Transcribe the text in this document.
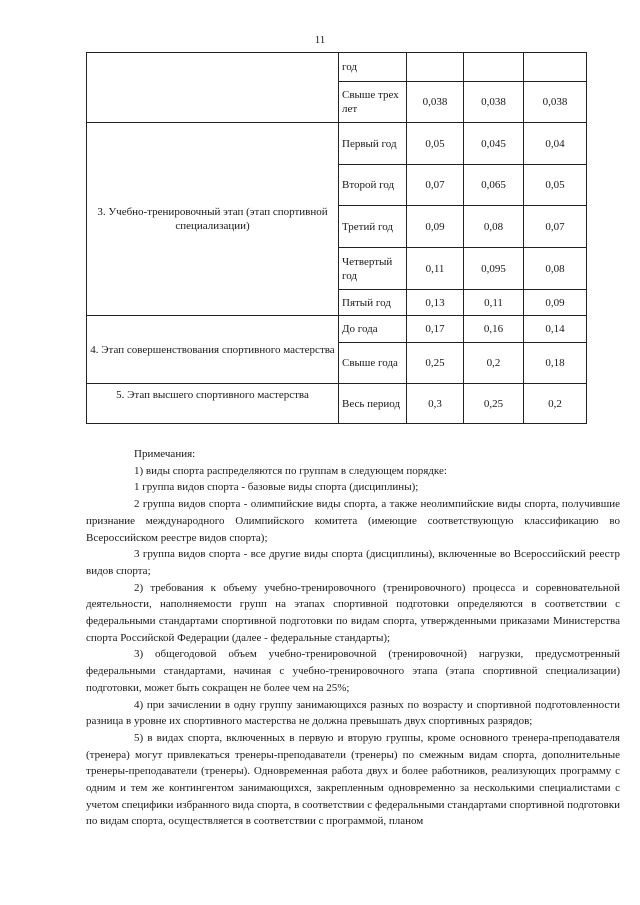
11
	год			
	Свыше трех лет	0,038	0,038	0,038
3. Учебно-тренировочный этап (этап спортивной специализации)	Первый год	0,05	0,045	0,04
	Второй год	0,07	0,065	0,05
	Третий год	0,09	0,08	0,07
	Четвертый год	0,11	0,095	0,08
	Пятый год	0,13	0,11	0,09
4. Этап совершенствования спортивного мастерства	До года	0,17	0,16	0,14
	Свыше года	0,25	0,2	0,18
5. Этап высшего спортивного мастерства	Весь период	0,3	0,25	0,2

Примечания:

1) виды спорта распределяются по группам в следующем порядке:

1 группа видов спорта - базовые виды спорта (дисциплины);

2 группа видов спорта - олимпийские виды спорта, а также неолимпийские виды спорта, получившие признание международного Олимпийского комитета (имеющие соответствующую классификацию во Всероссийском реестре видов спорта);

3 группа видов спорта - все другие виды спорта (дисциплины), включенные во Всероссийский реестр видов спорта;

2) требования к объему учебно-тренировочного (тренировочного) процесса и соревновательной деятельности, наполняемости групп на этапах спортивной подготовки определяются в соответствии с федеральными стандартами спортивной подготовки по видам спорта, утвержденными приказами Министерства спорта Российской Федерации (далее - федеральные стандарты);

3) общегодовой объем учебно-тренировочной (тренировочной) нагрузки, предусмотренный федеральными стандартами, начиная с учебно-тренировочного этапа (этапа спортивной специализации) подготовки, может быть сокращен не более чем на 25%;

4) при зачислении в одну группу занимающихся разных по возрасту и спортивной подготовленности разница в уровне их спортивного мастерства не должна превышать двух спортивных разрядов;

5) в видах спорта, включенных в первую и вторую группы, кроме основного тренера-преподавателя (тренера) могут привлекаться тренеры-преподаватели (тренеры) по смежным видам спорта, дополнительные тренеры-преподаватели (тренеры). Одновременная работа двух и более работников, реализующих программу с одним и тем же контингентом занимающихся, закрепленным одновременно за несколькими специалистами с учетом специфики избранного вида спорта, в соответствии с федеральными стандартами спортивной подготовки по видам спорта, осуществляется в соответствии с программой, планом
